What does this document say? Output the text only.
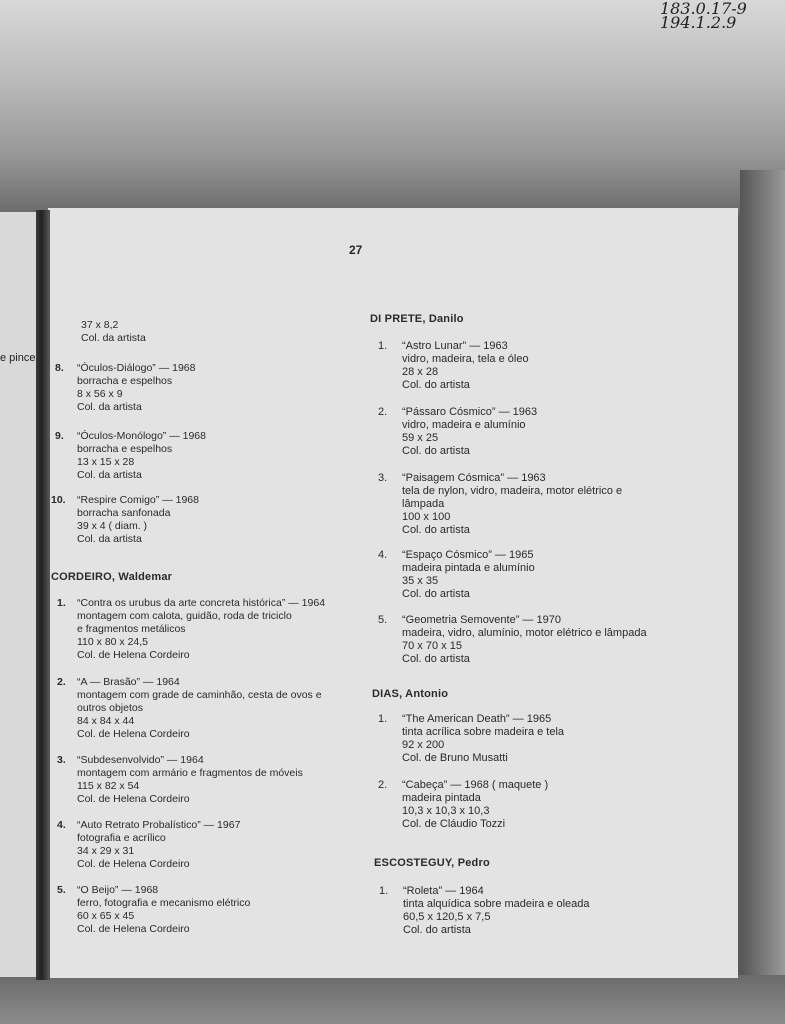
183.0.17-9
194.1.2.9
e pince
27
37 x 8,2
Col. da artista
8. “Óculos-Diálogo” — 1968
borracha e espelhos
8 x 56 x 9
Col. da artista
9. “Óculos-Monólogo” — 1968
borracha e espelhos
13 x 15 x 28
Col. da artista
10. “Respire Comigo” — 1968
borracha sanfonada
39 x 4 ( diam. )
Col. da artista
CORDEIRO, Waldemar
1. “Contra os urubus da arte concreta histórica” — 1964
montagem com calota, guidão, roda de triciclo
e fragmentos metálicos
110 x 80 x 24,5
Col. de Helena Cordeiro
2. “A — Brasão” — 1964
montagem com grade de caminhão, cesta de ovos e
outros objetos
84 x 84 x 44
Col. de Helena Cordeiro
3. “Subdesenvolvido” — 1964
montagem com armário e fragmentos de móveis
115 x 82 x 54
Col. de Helena Cordeiro
4. “Auto Retrato Probalístico” — 1967
fotografia e acrílico
34 x 29 x 31
Col. de Helena Cordeiro
5. “O Beijo” — 1968
ferro, fotografia e mecanismo elétrico
60 x 65 x 45
Col. de Helena Cordeiro
DI PRETE, Danilo
1. “Astro Lunar” — 1963
vidro, madeira, tela e óleo
28 x 28
Col. do artista
2. “Pássaro Cósmico” — 1963
vidro, madeira e alumínio
59 x 25
Col. do artista
3. “Paisagem Cósmica” — 1963
tela de nylon, vidro, madeira, motor elétrico e
lâmpada
100 x 100
Col. do artista
4. “Espaço Cósmico” — 1965
madeira pintada e alumínio
35 x 35
Col. do artista
5. “Geometria Semovente” — 1970
madeira, vidro, alumínio, motor elétrico e lâmpada
70 x 70 x 15
Col. do artista
DIAS, Antonio
1. “The American Death” — 1965
tinta acrílica sobre madeira e tela
92 x 200
Col. de Bruno Musatti
2. “Cabeça” — 1968 ( maquete )
madeira pintada
10,3 x 10,3 x 10,3
Col. de Cláudio Tozzi
ESCOSTEGUY, Pedro
1. “Roleta” — 1964
tinta alquídica sobre madeira e oleada
60,5 x 120,5 x 7,5
Col. do artista
